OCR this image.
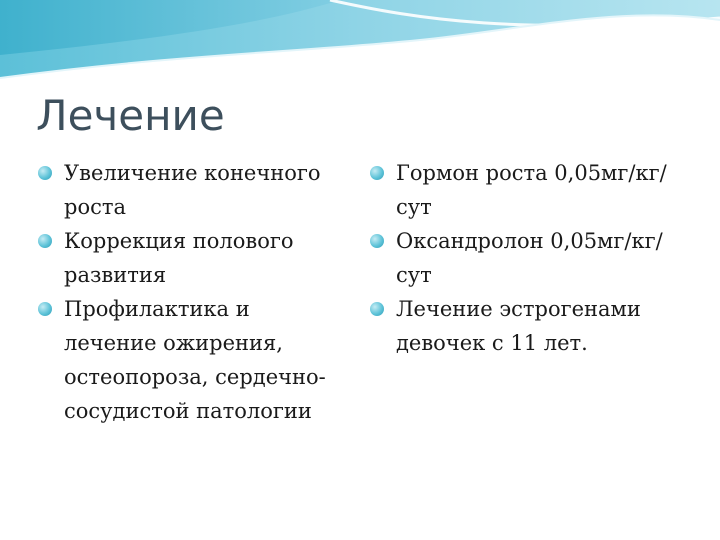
Лечение
Увеличение конечного роста
Коррекция полового развития
Профилактика и лечение ожирения, остеопороза, сердечно-сосудистой патологии
Гормон роста 0,05мг/кг/сут
Оксандролон 0,05мг/кг/сут
Лечение эстрогенами девочек с 11 лет.
